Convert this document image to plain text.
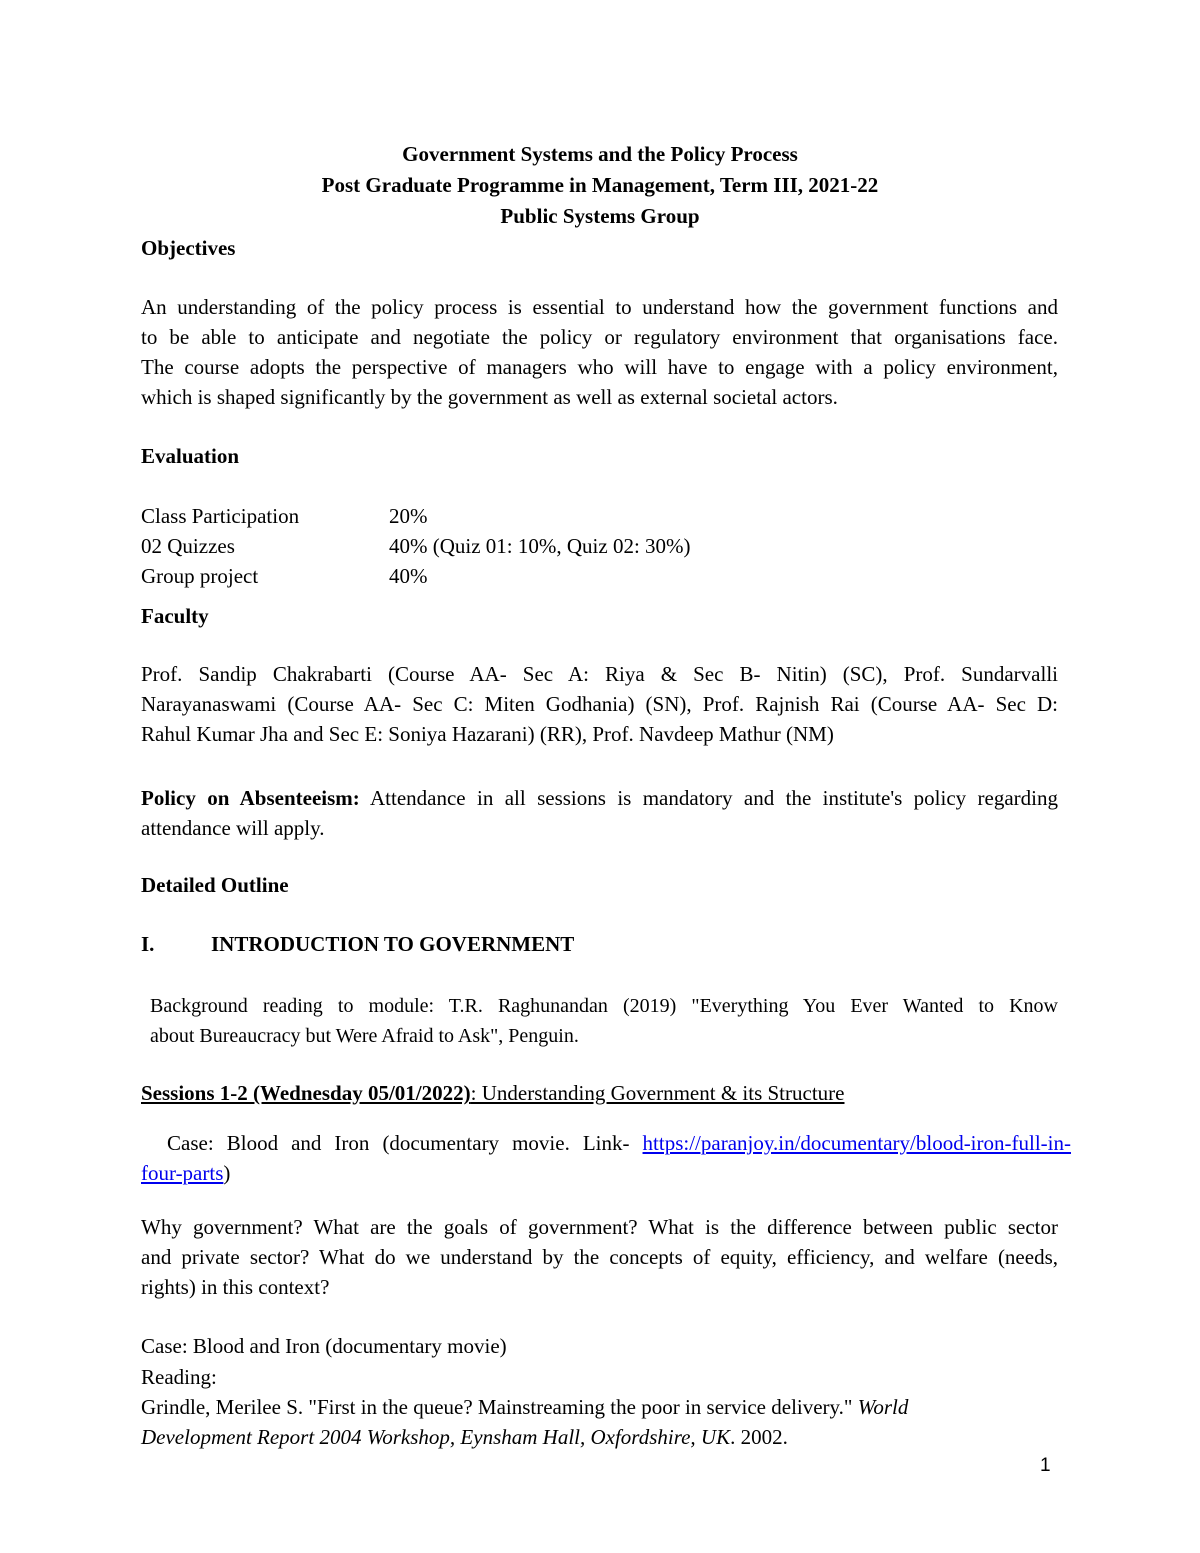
Government Systems and the Policy Process
Post Graduate Programme in Management, Term III, 2021-22
Public Systems Group
Objectives
An understanding of the policy process is essential to understand how the government functions and
to be able to anticipate and negotiate the policy or regulatory environment that organisations face.
The course adopts the perspective of managers who will have to engage with a policy environment,
which is shaped significantly by the government as well as external societal actors.
Evaluation
Class Participation	20%
02 Quizzes	40% (Quiz 01: 10%, Quiz 02: 30%)
Group project	40%
Faculty
Prof. Sandip Chakrabarti (Course AA- Sec A: Riya & Sec B- Nitin) (SC), Prof. Sundarvalli
Narayanaswami (Course AA- Sec C: Miten Godhania) (SN), Prof. Rajnish Rai (Course AA- Sec D:
Rahul Kumar Jha and Sec E: Soniya Hazarani) (RR), Prof. Navdeep Mathur (NM)
Policy on Absenteeism: Attendance in all sessions is mandatory and the institute's policy regarding
attendance will apply.
Detailed Outline
I.	INTRODUCTION TO GOVERNMENT
Background reading to module: T.R. Raghunandan (2019) "Everything You Ever Wanted to Know
about Bureaucracy but Were Afraid to Ask", Penguin.
Sessions 1-2 (Wednesday 05/01/2022): Understanding Government & its Structure
Case: Blood and Iron (documentary movie. Link- https://paranjoy.in/documentary/blood-iron-full-in-
four-parts)
Why government? What are the goals of government? What is the difference between public sector
and private sector? What do we understand by the concepts of equity, efficiency, and welfare (needs,
rights) in this context?
Case: Blood and Iron (documentary movie)
Reading:
Grindle, Merilee S. "First in the queue? Mainstreaming the poor in service delivery." World
Development Report 2004 Workshop, Eynsham Hall, Oxfordshire, UK. 2002.
1
